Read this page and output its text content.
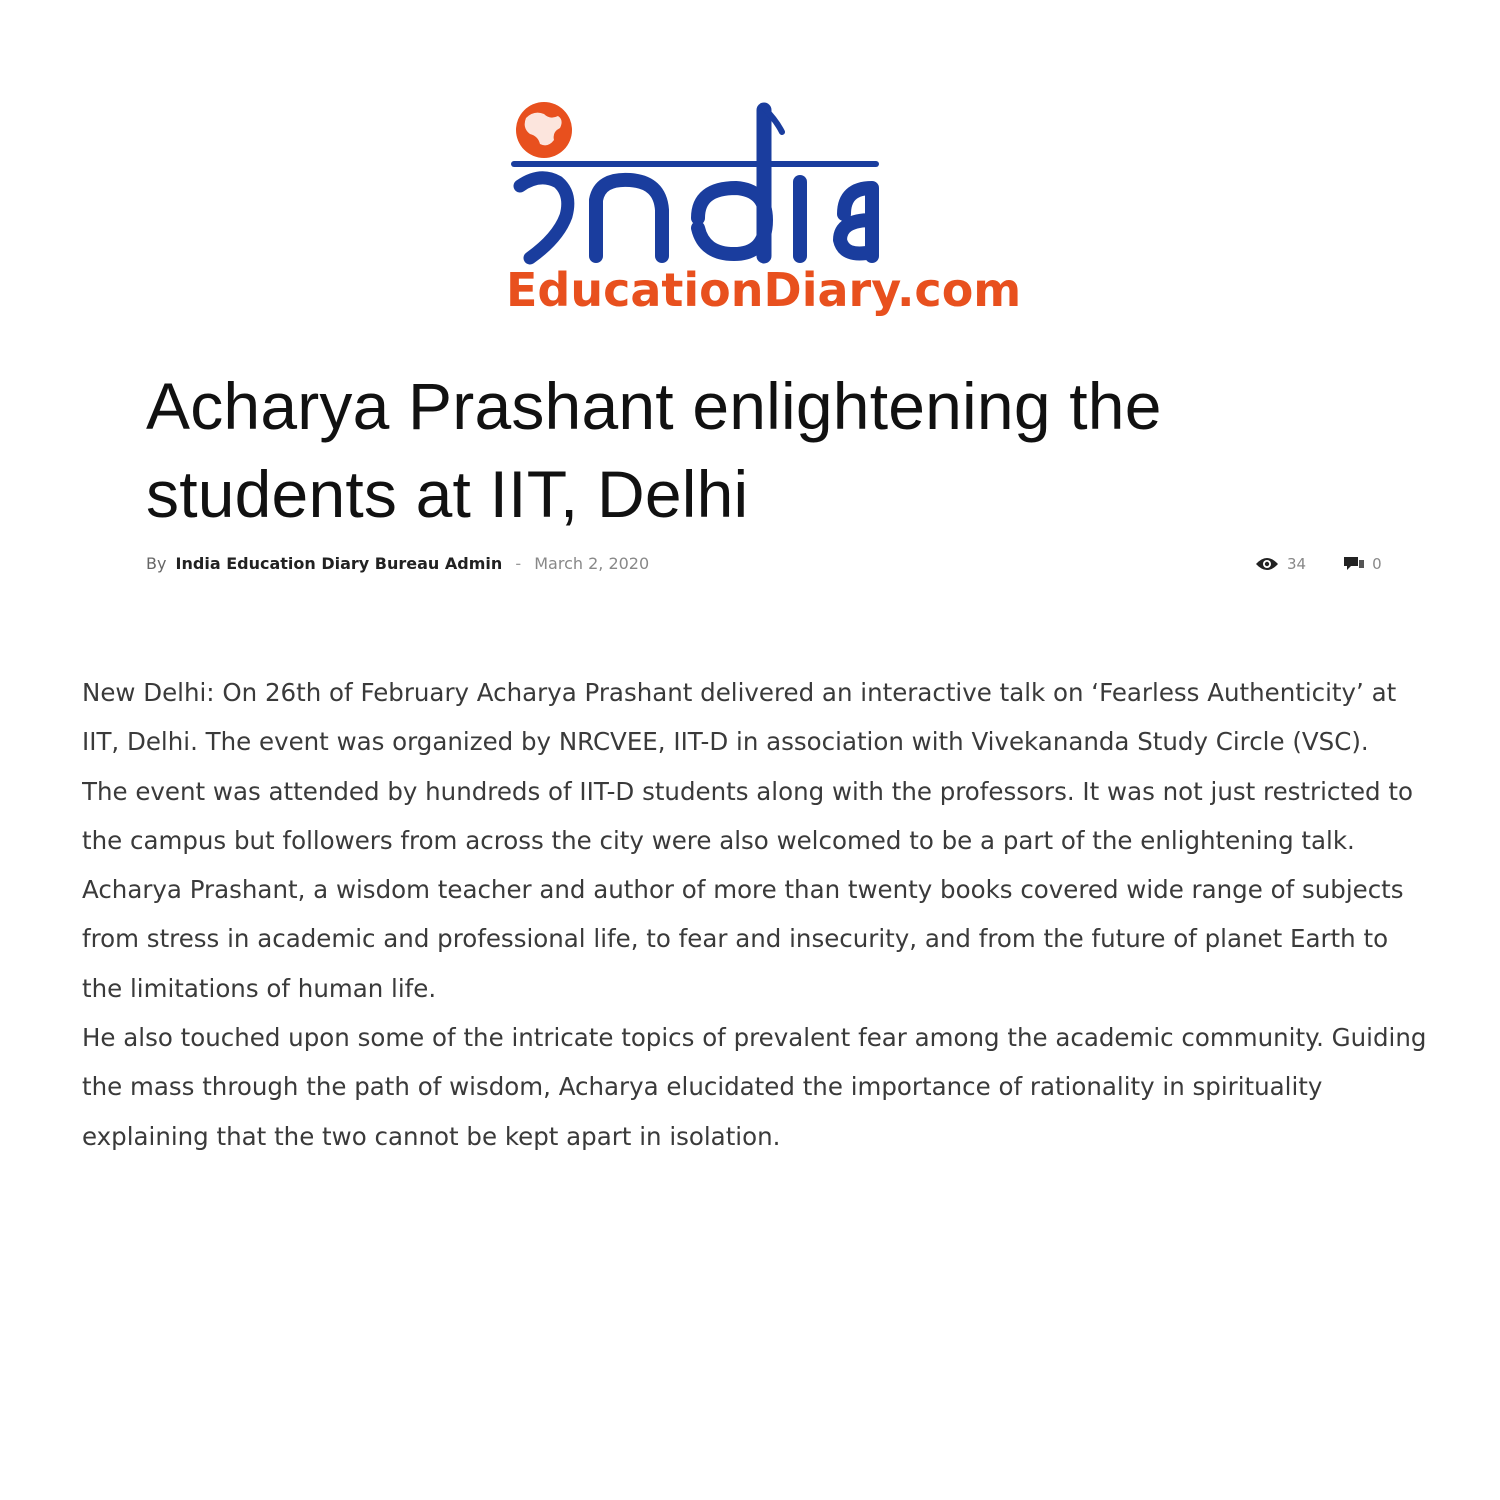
EducationDiary.com
Acharya Prashant enlightening the students at IIT, Delhi
By India Education Diary Bureau Admin - March 2, 2020	34	0

New Delhi: On 26th of February Acharya Prashant delivered an interactive talk on ‘Fearless Authenticity’ at IIT, Delhi. The event was organized by NRCVEE, IIT-D in association with Vivekananda Study Circle (VSC).

The event was attended by hundreds of IIT-D students along with the professors. It was not just restricted to the campus but followers from across the city were also welcomed to be a part of the enlightening talk.

Acharya Prashant, a wisdom teacher and author of more than twenty books covered wide range of subjects from stress in academic and professional life, to fear and insecurity, and from the future of planet Earth to the limitations of human life.

He also touched upon some of the intricate topics of prevalent fear among the academic community. Guiding the mass through the path of wisdom, Acharya elucidated the importance of rationality in spirituality explaining that the two cannot be kept apart in isolation.
